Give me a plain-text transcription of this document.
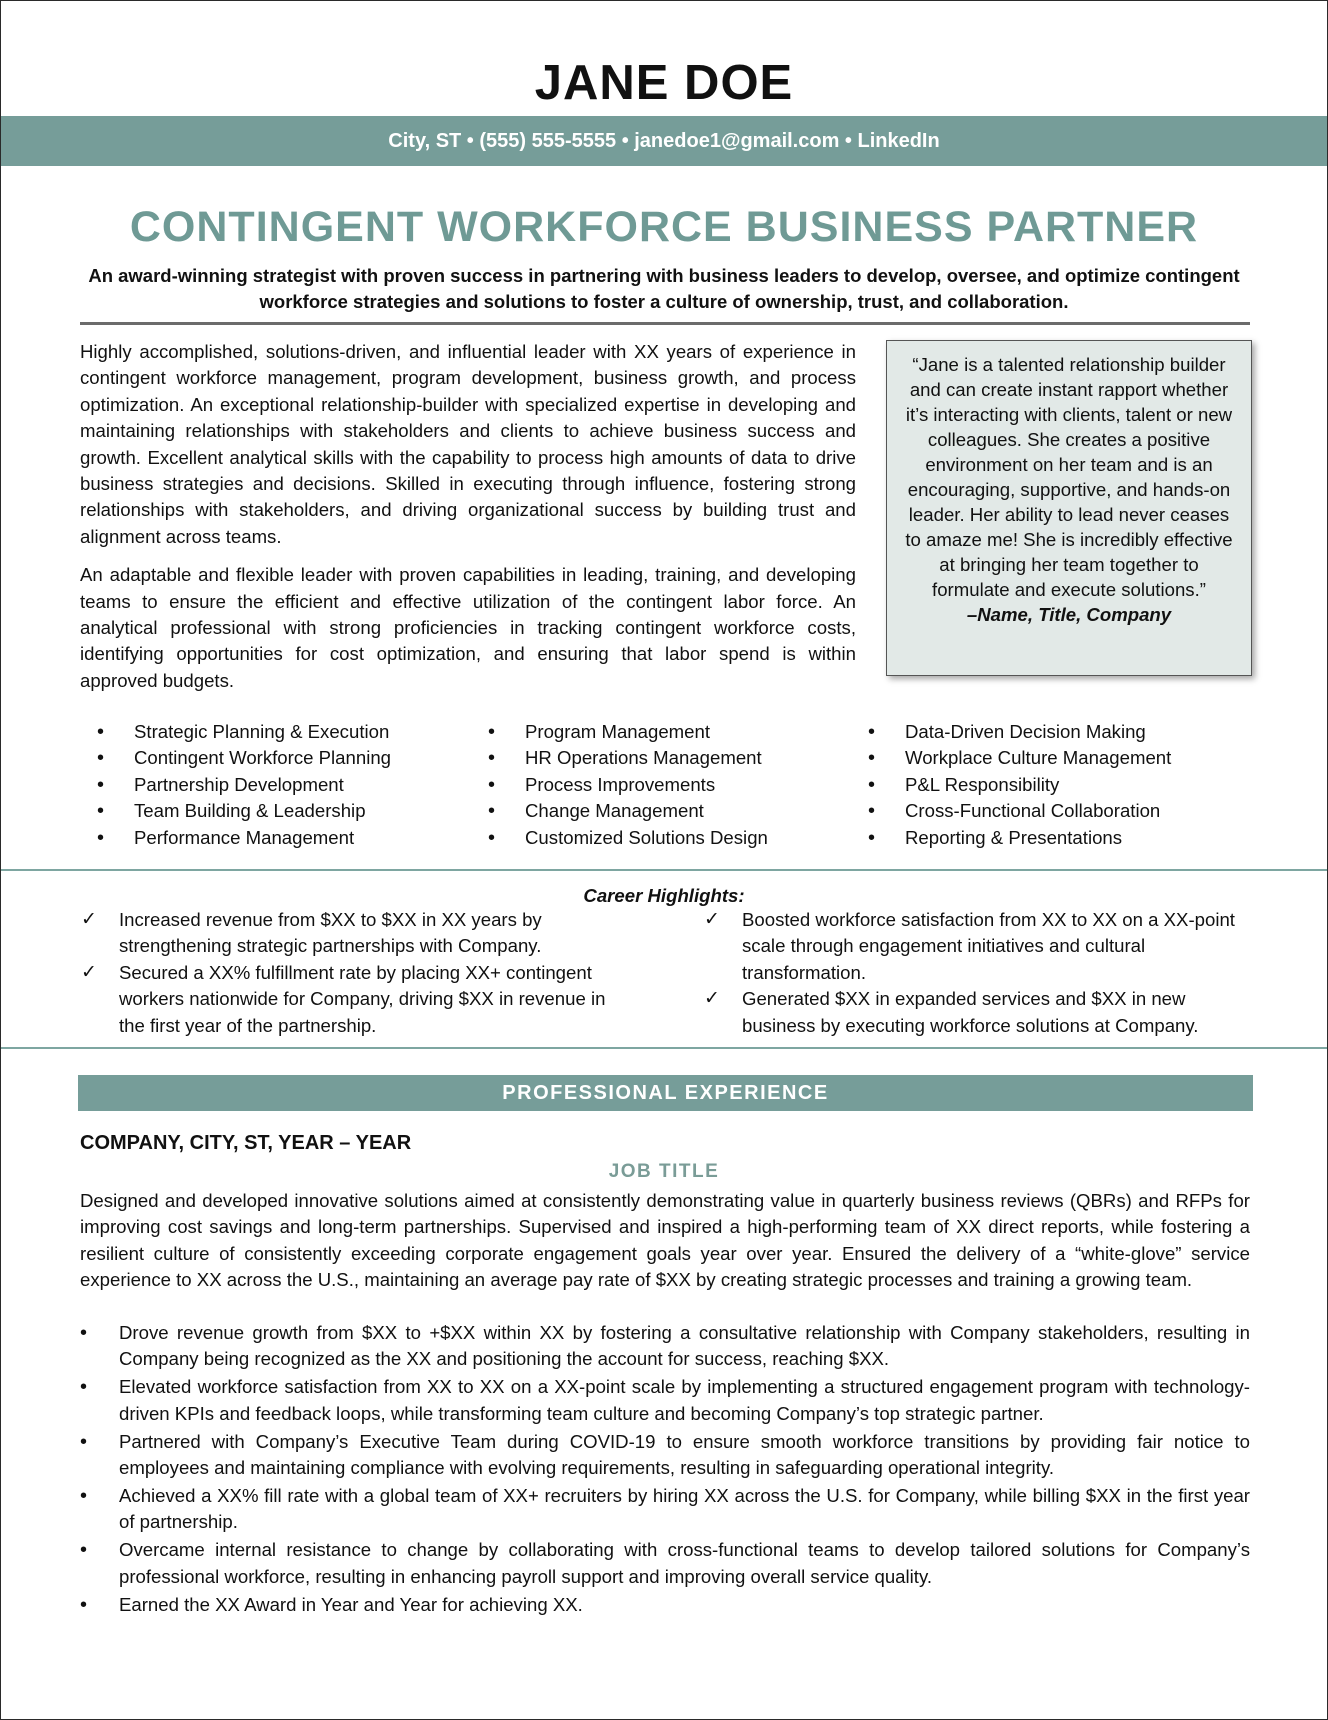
JANE DOE
City, ST • (555) 555-5555 • janedoe1@gmail.com • LinkedIn
CONTINGENT WORKFORCE BUSINESS PARTNER
An award-winning strategist with proven success in partnering with business leaders to develop, oversee, and optimize contingent workforce strategies and solutions to foster a culture of ownership, trust, and collaboration.

Highly accomplished, solutions-driven, and influential leader with XX years of experience in contingent workforce management, program development, business growth, and process optimization. An exceptional relationship-builder with specialized expertise in developing and maintaining relationships with stakeholders and clients to achieve business success and growth. Excellent analytical skills with the capability to process high amounts of data to drive business strategies and decisions. Skilled in executing through influence, fostering strong relationships with stakeholders, and driving organizational success by building trust and alignment across teams.

An adaptable and flexible leader with proven capabilities in leading, training, and developing teams to ensure the efficient and effective utilization of the contingent labor force. An analytical professional with strong proficiencies in tracking contingent workforce costs, identifying opportunities for cost optimization, and ensuring that labor spend is within approved budgets.

“Jane is a talented relationship builder and can create instant rapport whether it’s interacting with clients, talent or new colleagues. She creates a positive environment on her team and is an encouraging, supportive, and hands-on leader. Her ability to lead never ceases to amaze me! She is incredibly effective at bringing her team together to formulate and execute solutions.”
–Name, Title, Company
• Strategic Planning & Execution
• Contingent Workforce Planning
• Partnership Development
• Team Building & Leadership
• Performance Management
• Program Management
• HR Operations Management
• Process Improvements
• Change Management
• Customized Solutions Design
• Data-Driven Decision Making
• Workplace Culture Management
• P&L Responsibility
• Cross-Functional Collaboration
• Reporting & Presentations
Career Highlights:
✓ Increased revenue from $XX to $XX in XX years by strengthening strategic partnerships with Company.
✓ Secured a XX% fulfillment rate by placing XX+ contingent workers nationwide for Company, driving $XX in revenue in the first year of the partnership.
✓ Boosted workforce satisfaction from XX to XX on a XX-point scale through engagement initiatives and cultural transformation.
✓ Generated $XX in expanded services and $XX in new business by executing workforce solutions at Company.
PROFESSIONAL EXPERIENCE
COMPANY, CITY, ST, YEAR – YEAR
JOB TITLE
Designed and developed innovative solutions aimed at consistently demonstrating value in quarterly business reviews (QBRs) and RFPs for improving cost savings and long-term partnerships. Supervised and inspired a high-performing team of XX direct reports, while fostering a resilient culture of consistently exceeding corporate engagement goals year over year. Ensured the delivery of a “white-glove” service experience to XX across the U.S., maintaining an average pay rate of $XX by creating strategic processes and training a growing team.
• Drove revenue growth from $XX to +$XX within XX by fostering a consultative relationship with Company stakeholders, resulting in Company being recognized as the XX and positioning the account for success, reaching $XX.
• Elevated workforce satisfaction from XX to XX on a XX-point scale by implementing a structured engagement program with technology-driven KPIs and feedback loops, while transforming team culture and becoming Company’s top strategic partner.
• Partnered with Company’s Executive Team during COVID-19 to ensure smooth workforce transitions by providing fair notice to employees and maintaining compliance with evolving requirements, resulting in safeguarding operational integrity.
• Achieved a XX% fill rate with a global team of XX+ recruiters by hiring XX across the U.S. for Company, while billing $XX in the first year of partnership.
• Overcame internal resistance to change by collaborating with cross-functional teams to develop tailored solutions for Company’s professional workforce, resulting in enhancing payroll support and improving overall service quality.
• Earned the XX Award in Year and Year for achieving XX.
